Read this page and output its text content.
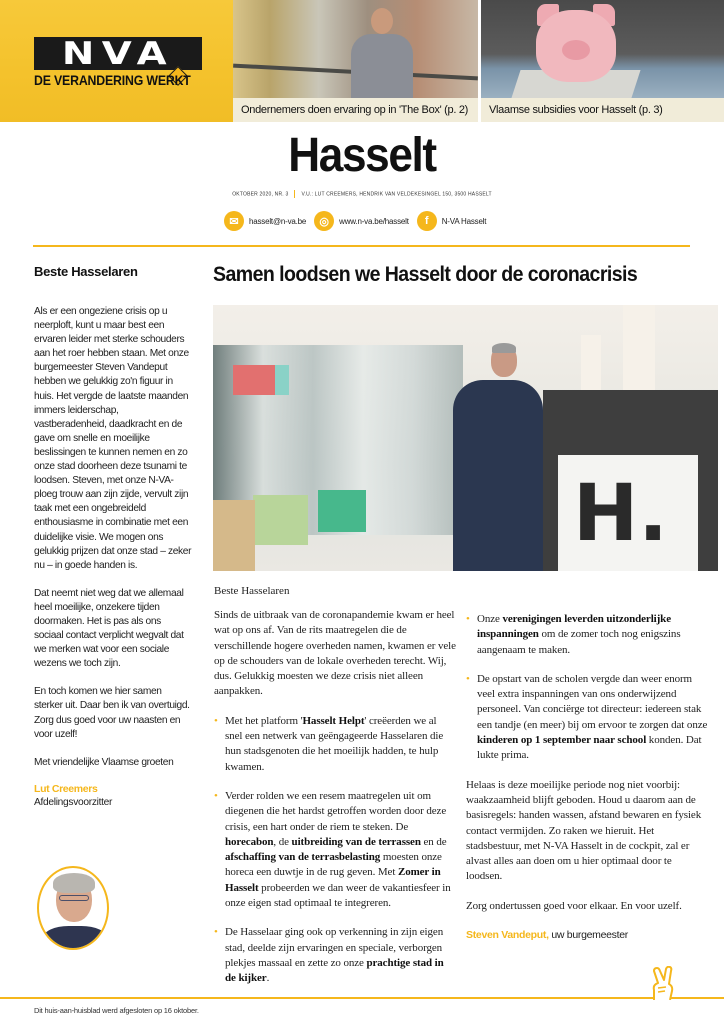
NVA
DE VERANDERING WERKT
Ondernemers doen ervaring op in 'The Box' (p. 2)	Vlaamse subsidies voor Hasselt (p. 3)
Hasselt
OKTOBER 2020, NR. 3	V.U.: LUT CREEMERS, HENDRIK VAN VELDEKESINGEL 150, 3500 HASSELT
✉	hasselt@n-va.be	◎	www.n-va.be/hasselt	f	N-VA Hasselt
Beste Hasselaren

Als er een ongeziene crisis op u neerploft, kunt u maar best een ervaren leider met sterke schouders aan het roer hebben staan. Met onze burgemeester Steven Vandeput hebben we gelukkig zo'n figuur in huis. Het vergde de laatste maanden immers leiderschap, vastberadenheid, daadkracht en de gave om snelle en moeilijke beslissingen te kunnen nemen en zo onze stad doorheen deze tsunami te loodsen. Steven, met onze N-VA-ploeg trouw aan zijn zijde, vervult zijn taak met een ongebreideld enthousiasme in combinatie met een duidelijke visie. We mogen ons gelukkig prijzen dat onze stad – zeker nu – in goede handen is.

Dat neemt niet weg dat we allemaal heel moeilijke, onzekere tijden doormaken. Het is pas als ons sociaal contact verplicht wegvalt dat we merken wat voor een sociale wezens we toch zijn.

En toch komen we hier samen sterker uit. Daar ben ik van overtuigd. Zorg dus goed voor uw naasten en voor uzelf!

Met vriendelijke Vlaamse groeten

Lut Creemers
Afdelingsvoorzitter
Samen loodsen we Hasselt door de coronacrisis
H.
Beste Hasselaren

Sinds de uitbraak van de coronapandemie kwam er heel wat op ons af. Van de rits maatregelen die de verschillende hogere overheden namen, kwamen er vele op de schouders van de lokale overheden terecht. Wij, dus. Gelukkig moesten we deze crisis niet alleen aanpakken.

• Met het platform 'Hasselt Helpt' creëerden we al snel een netwerk van geëngageerde Hasselaren die hun stadsgenoten die het moeilijk hadden, te hulp kwamen.
• Verder rolden we een resem maatregelen uit om diegenen die het hardst getroffen worden door deze crisis, een hart onder de riem te steken. De horecabon, de uitbreiding van de terrassen en de afschaffing van de terrasbelasting moesten onze horeca een duwtje in de rug geven. Met Zomer in Hasselt probeerden we dan weer de vakantiesfeer in onze eigen stad optimaal te integreren.
• De Hasselaar ging ook op verkenning in zijn eigen stad, deelde zijn ervaringen en speciale, verborgen plekjes massaal en zette zo onze prachtige stad in de kijker.
• Onze verenigingen leverden uitzonderlijke inspanningen om de zomer toch nog enigszins aangenaam te maken.
• De opstart van de scholen vergde dan weer enorm veel extra inspanningen van ons onderwijzend personeel. Van conciërge tot directeur: iedereen stak een tandje (en meer) bij om ervoor te zorgen dat onze kinderen op 1 september naar school konden. Dat lukte prima.

Helaas is deze moeilijke periode nog niet voorbij: waakzaamheid blijft geboden. Houd u daarom aan de basisregels: handen wassen, afstand bewaren en fysiek contact vermijden. Zo raken we hieruit. Het stadsbestuur, met N-VA Hasselt in de cockpit, zal er alvast alles aan doen om u hier optimaal door te loodsen.

Zorg ondertussen goed voor elkaar. En voor uzelf.

Steven Vandeput, uw burgemeester
Dit huis-aan-huisblad werd afgesloten op 16 oktober.
